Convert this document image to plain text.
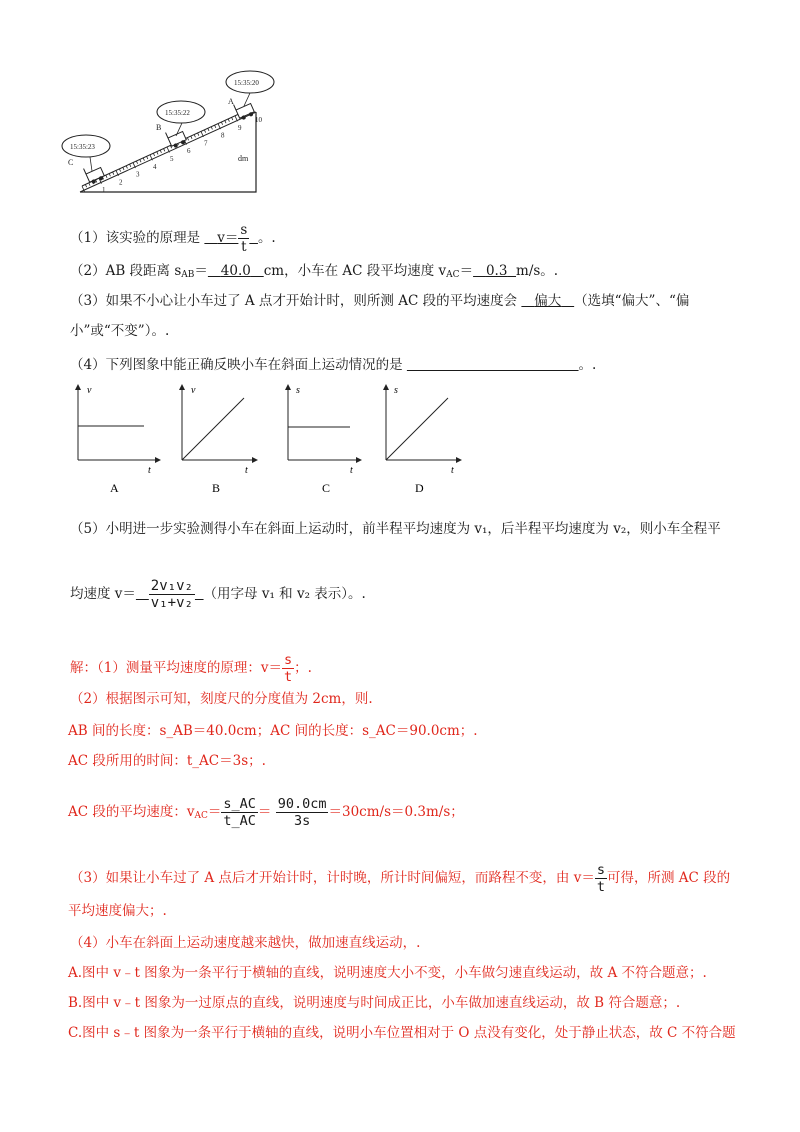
1
2
3
4
5
6
7
8
9
10
dm
15:35:23
15:35:22
15:35:20
C
B
A
（1）该实验的原理是 $v= \frac{s}{t}$ 。.
（2）AB 段距离 $s_{AB}= 40.0$ cm，小车在 AC 段平均速度 $v_{AC}= 0.3$ m/s。.
（3）如果不小心让小车过了 A 点才开始计时，则所测 AC 段的平均速度会 偏大 （选填“偏大”、“偏
小”或“不变”）。.
（4）下列图象中能正确反映小车在斜面上运动情况的是	。.
v
t
A
v
t
B
s
t
C
s
t
D
（5）小明进一步实验测得小车在斜面上运动时，前半程平均速度为 v₁，后半程平均速度为 v₂，则小车全程平
均速度 $v= \frac{\text{2v₁v₂}}{\text{v₁+v₂}}$ （用字母 v₁ 和 v₂ 表示）。.
解：（1）测量平均速度的原理：$v= \frac{s}{t}$ ；.
（2）根据图示可知，刻度尺的分度值为 2cm，则.
AB 间的长度：s_AB＝40.0cm；AC 间的长度：s_AC＝90.0cm；.
AC 段所用的时间：t_AC＝3s；.
AC 段的平均速度：$v_{AC}= \frac{s\_AC}{t\_AC} = \frac{90.0cm}{3s} =30cm/s=0.3m/s$；
（3）如果让小车过了 A 点后才开始计时，计时晚，所计时间偏短，而路程不变，由 $v= \frac{s}{t}$ 可得，所测 AC 段的
平均速度偏大；.
（4）小车在斜面上运动速度越来越快，做加速直线运动，.
A.图中 v﹣t 图象为一条平行于横轴的直线，说明速度大小不变，小车做匀速直线运动，故 A 不符合题意；.
B.图中 v﹣t 图象为一过原点的直线，说明速度与时间成正比，小车做加速直线运动，故 B 符合题意；.
C.图中 s﹣t 图象为一条平行于横轴的直线，说明小车位置相对于 O 点没有变化，处于静止状态，故 C 不符合题
